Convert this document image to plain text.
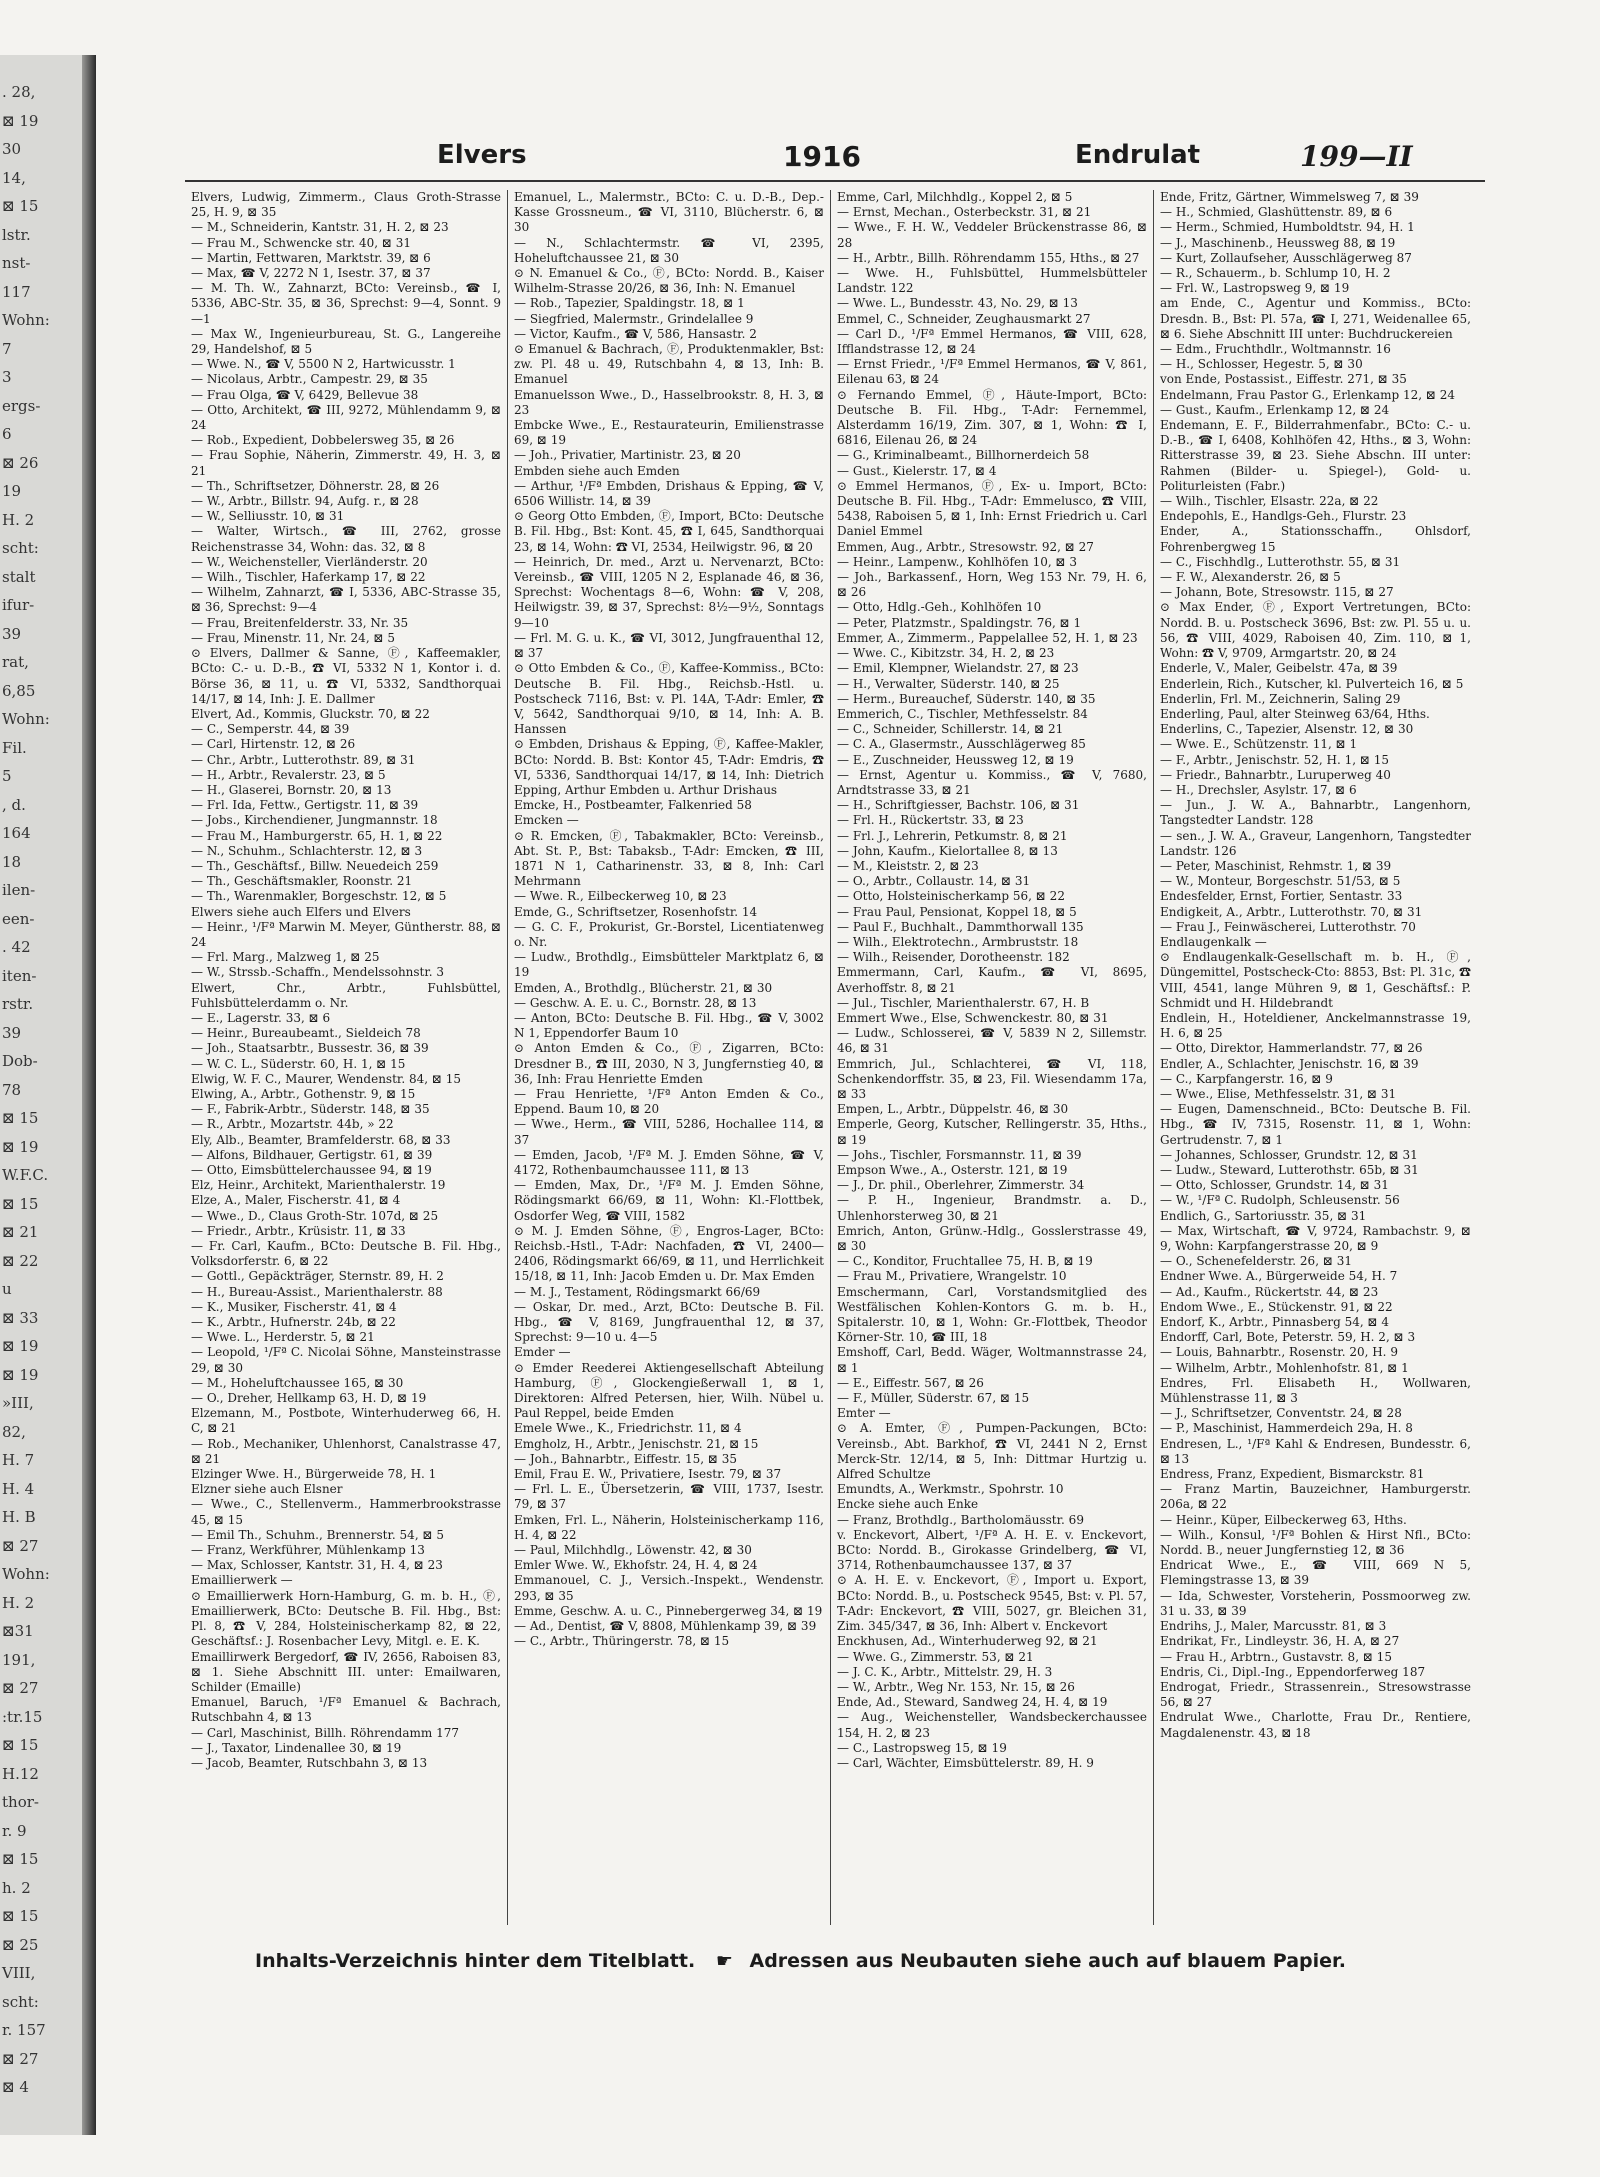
. 28,
⊠ 19
30
14,
⊠ 15
lstr.
nst-
117
Wohn:
7
3
ergs-
6
⊠ 26
19
H. 2
scht:
stalt
ifur-
39
rat,
6,85
Wohn:
Fil.
5
, d.
164
18
ilen-
een-
. 42
iten-
rstr.
39
Dob-
78
⊠ 15
⊠ 19
W.F.C.
⊠ 15
⊠ 21
⊠ 22
u
⊠ 33
⊠ 19
⊠ 19
»III,
82,
H. 7
H. 4
H. B
⊠ 27
Wohn:
H. 2
⊠31
191,
⊠ 27
:tr.15
⊠ 15
H.12
thor-
r. 9
⊠ 15
h. 2
⊠ 15
⊠ 25
VIII,
scht:
r. 157
⊠ 27
⊠ 4
Elvers	1916	Endrulat	199—II

Elvers, Ludwig, Zimmerm., Claus Groth-Strasse 25, H. 9, ⊠ 35

— M., Schneiderin, Kantstr. 31, H. 2, ⊠ 23

— Frau M., Schwencke str. 40, ⊠ 31

— Martin, Fettwaren, Marktstr. 39, ⊠ 6

— Max, ☎ V, 2272 N 1, Isestr. 37, ⊠ 37

— M. Th. W., Zahnarzt, BCto: Vereinsb., ☎ I, 5336, ABC-Str. 35, ⊠ 36, Sprechst: 9—4, Sonnt. 9—1

— Max W., Ingenieurbureau, St. G., Langereihe 29, Handelshof, ⊠ 5

— Wwe. N., ☎ V, 5500 N 2, Hartwicusstr. 1

— Nicolaus, Arbtr., Campestr. 29, ⊠ 35

— Frau Olga, ☎ V, 6429, Bellevue 38

— Otto, Architekt, ☎ III, 9272, Mühlendamm 9, ⊠ 24

— Rob., Expedient, Dobbelersweg 35, ⊠ 26

— Frau Sophie, Näherin, Zimmerstr. 49, H. 3, ⊠ 21

— Th., Schriftsetzer, Döhnerstr. 28, ⊠ 26

— W., Arbtr., Billstr. 94, Aufg. r., ⊠ 28

— W., Selliusstr. 10, ⊠ 31

— Walter, Wirtsch., ☎ III, 2762, grosse Reichenstrasse 34, Wohn: das. 32, ⊠ 8

— W., Weichensteller, Vierländerstr. 20

— Wilh., Tischler, Haferkamp 17, ⊠ 22

— Wilhelm, Zahnarzt, ☎ I, 5336, ABC-Strasse 35, ⊠ 36, Sprechst: 9—4

— Frau, Breitenfelderstr. 33, Nr. 35

— Frau, Minenstr. 11, Nr. 24, ⊠ 5

⊙ Elvers, Dallmer & Sanne, Ⓕ, Kaffeemakler, BCto: C.- u. D.-B., ☎ VI, 5332 N 1, Kontor i. d. Börse 36, ⊠ 11, u. ☎ VI, 5332, Sandthorquai 14/17, ⊠ 14, Inh: J. E. Dallmer

Elvert, Ad., Kommis, Gluckstr. 70, ⊠ 22

— C., Semperstr. 44, ⊠ 39

— Carl, Hirtenstr. 12, ⊠ 26

— Chr., Arbtr., Lutterothstr. 89, ⊠ 31

— H., Arbtr., Revalerstr. 23, ⊠ 5

— H., Glaserei, Bornstr. 20, ⊠ 13

— Frl. Ida, Fettw., Gertigstr. 11, ⊠ 39

— Jobs., Kirchendiener, Jungmannstr. 18

— Frau M., Hamburgerstr. 65, H. 1, ⊠ 22

— N., Schuhm., Schlachterstr. 12, ⊠ 3

— Th., Geschäftsf., Billw. Neuedeich 259

— Th., Geschäftsmakler, Roonstr. 21

— Th., Warenmakler, Borgeschstr. 12, ⊠ 5

Elwers siehe auch Elfers und Elvers

— Heinr., ¹/Fª Marwin M. Meyer, Güntherstr. 88, ⊠ 24

— Frl. Marg., Malzweg 1, ⊠ 25

— W., Strssb.-Schaffn., Mendelssohnstr. 3

Elwert, Chr., Arbtr., Fuhlsbüttel, Fuhlsbüttelerdamm o. Nr.

— E., Lagerstr. 33, ⊠ 6

— Heinr., Bureaubeamt., Sieldeich 78

— Joh., Staatsarbtr., Bussestr. 36, ⊠ 39

— W. C. L., Süderstr. 60, H. 1, ⊠ 15

Elwig, W. F. C., Maurer, Wendenstr. 84, ⊠ 15

Elwing, A., Arbtr., Gothenstr. 9, ⊠ 15

— F., Fabrik-Arbtr., Süderstr. 148, ⊠ 35

— R., Arbtr., Mozartstr. 44b, » 22

Ely, Alb., Beamter, Bramfelderstr. 68, ⊠ 33

— Alfons, Bildhauer, Gertigstr. 61, ⊠ 39

— Otto, Eimsbüttelerchaussee 94, ⊠ 19

Elz, Heinr., Architekt, Marienthalerstr. 19

Elze, A., Maler, Fischerstr. 41, ⊠ 4

— Wwe., D., Claus Groth-Str. 107d, ⊠ 25

— Friedr., Arbtr., Krüsistr. 11, ⊠ 33

— Fr. Carl, Kaufm., BCto: Deutsche B. Fil. Hbg., Volksdorferstr. 6, ⊠ 22

— Gottl., Gepäckträger, Sternstr. 89, H. 2

— H., Bureau-Assist., Marienthalerstr. 88

— K., Musiker, Fischerstr. 41, ⊠ 4

— K., Arbtr., Hufnerstr. 24b, ⊠ 22

— Wwe. L., Herderstr. 5, ⊠ 21

— Leopold, ¹/Fª C. Nicolai Söhne, Mansteinstrasse 29, ⊠ 30

— M., Hoheluftchaussee 165, ⊠ 30

— O., Dreher, Hellkamp 63, H. D, ⊠ 19

Elzemann, M., Postbote, Winterhuderweg 66, H. C, ⊠ 21

— Rob., Mechaniker, Uhlenhorst, Canalstrasse 47, ⊠ 21

Elzinger Wwe. H., Bürgerweide 78, H. 1

Elzner siehe auch Elsner

— Wwe., C., Stellenverm., Hammerbrookstrasse 45, ⊠ 15

— Emil Th., Schuhm., Brennerstr. 54, ⊠ 5

— Franz, Werkführer, Mühlenkamp 13

— Max, Schlosser, Kantstr. 31, H. 4, ⊠ 23

Emaillierwerk —

⊙ Emaillierwerk Horn-Hamburg, G. m. b. H., Ⓕ, Emaillierwerk, BCto: Deutsche B. Fil. Hbg., Bst: Pl. 8, ☎ V, 284, Holsteinischerkamp 82, ⊠ 22, Geschäftsf.: J. Rosenbacher Levy, Mitgl. e. E. K.

Emaillirwerk Bergedorf, ☎ IV, 2656, Raboisen 83, ⊠ 1. Siehe Abschnitt III. unter: Emailwaren, Schilder (Emaille)

Emanuel, Baruch, ¹/Fª Emanuel & Bachrach, Rutschbahn 4, ⊠ 13

— Carl, Maschinist, Billh. Röhrendamm 177

— J., Taxator, Lindenallee 30, ⊠ 19

— Jacob, Beamter, Rutschbahn 3, ⊠ 13

Emanuel, L., Malermstr., BCto: C. u. D.-B., Dep.-Kasse Grossneum., ☎ VI, 3110, Blücherstr. 6, ⊠ 30

— N., Schlachtermstr. ☎ VI, 2395, Hoheluftchaussee 21, ⊠ 30

⊙ N. Emanuel & Co., Ⓕ, BCto: Nordd. B., Kaiser Wilhelm-Strasse 20/26, ⊠ 36, Inh: N. Emanuel

— Rob., Tapezier, Spaldingstr. 18, ⊠ 1

— Siegfried, Malermstr., Grindelallee 9

— Victor, Kaufm., ☎ V, 586, Hansastr. 2

⊙ Emanuel & Bachrach, Ⓕ, Produktenmakler, Bst: zw. Pl. 48 u. 49, Rutschbahn 4, ⊠ 13, Inh: B. Emanuel

Emanuelsson Wwe., D., Hasselbrookstr. 8, H. 3, ⊠ 23

Embcke Wwe., E., Restaurateurin, Emilienstrasse 69, ⊠ 19

— Joh., Privatier, Martinistr. 23, ⊠ 20

Embden siehe auch Emden

— Arthur, ¹/Fª Embden, Drishaus & Epping, ☎ V, 6506 Willistr. 14, ⊠ 39

⊙ Georg Otto Embden, Ⓕ, Import, BCto: Deutsche B. Fil. Hbg., Bst: Kont. 45, ☎ I, 645, Sandthorquai 23, ⊠ 14, Wohn: ☎ VI, 2534, Heilwigstr. 96, ⊠ 20

— Heinrich, Dr. med., Arzt u. Nervenarzt, BCto: Vereinsb., ☎ VIII, 1205 N 2, Esplanade 46, ⊠ 36, Sprechst: Wochentags 8—6, Wohn: ☎ V, 208, Heilwigstr. 39, ⊠ 37, Sprechst: 8½—9½, Sonntags 9—10

— Frl. M. G. u. K., ☎ VI, 3012, Jungfrauenthal 12, ⊠ 37

⊙ Otto Embden & Co., Ⓕ, Kaffee-Kommiss., BCto: Deutsche B. Fil. Hbg., Reichsb.-Hstl. u. Postscheck 7116, Bst: v. Pl. 14A, T-Adr: Emler, ☎ V, 5642, Sandthorquai 9/10, ⊠ 14, Inh: A. B. Hanssen

⊙ Embden, Drishaus & Epping, Ⓕ, Kaffee-Makler, BCto: Nordd. B. Bst: Kontor 45, T-Adr: Emdris, ☎ VI, 5336, Sandthorquai 14/17, ⊠ 14, Inh: Dietrich Epping, Arthur Embden u. Arthur Drishaus

Emcke, H., Postbeamter, Falkenried 58

Emcken —

⊙ R. Emcken, Ⓕ, Tabakmakler, BCto: Vereinsb., Abt. St. P., Bst: Tabaksb., T-Adr: Emcken, ☎ III, 1871 N 1, Catharinenstr. 33, ⊠ 8, Inh: Carl Mehrmann

— Wwe. R., Eilbeckerweg 10, ⊠ 23

Emde, G., Schriftsetzer, Rosenhofstr. 14

— G. C. F., Prokurist, Gr.-Borstel, Licentiatenweg o. Nr.

— Ludw., Brothdlg., Eimsbütteler Marktplatz 6, ⊠ 19

Emden, A., Brothdlg., Blücherstr. 21, ⊠ 30

— Geschw. A. E. u. C., Bornstr. 28, ⊠ 13

— Anton, BCto: Deutsche B. Fil. Hbg., ☎ V, 3002 N 1, Eppendorfer Baum 10

⊙ Anton Emden & Co., Ⓕ, Zigarren, BCto: Dresdner B., ☎ III, 2030, N 3, Jungfernstieg 40, ⊠ 36, Inh: Frau Henriette Emden

— Frau Henriette, ¹/Fª Anton Emden & Co., Eppend. Baum 10, ⊠ 20

— Wwe., Herm., ☎ VIII, 5286, Hochallee 114, ⊠ 37

— Emden, Jacob, ¹/Fª M. J. Emden Söhne, ☎ V, 4172, Rothenbaumchaussee 111, ⊠ 13

— Emden, Max, Dr., ¹/Fª M. J. Emden Söhne, Rödingsmarkt 66/69, ⊠ 11, Wohn: Kl.-Flottbek, Osdorfer Weg, ☎ VIII, 1582

⊙ M. J. Emden Söhne, Ⓕ, Engros-Lager, BCto: Reichsb.-Hstl., T-Adr: Nachfaden, ☎ VI, 2400—2406, Rödingsmarkt 66/69, ⊠ 11, und Herrlichkeit 15/18, ⊠ 11, Inh: Jacob Emden u. Dr. Max Emden

— M. J., Testament, Rödingsmarkt 66/69

— Oskar, Dr. med., Arzt, BCto: Deutsche B. Fil. Hbg., ☎ V, 8169, Jungfrauenthal 12, ⊠ 37, Sprechst: 9—10 u. 4—5

Emder —

⊙ Emder Reederei Aktiengesellschaft Abteilung Hamburg, Ⓕ, Glockengießerwall 1, ⊠ 1, Direktoren: Alfred Petersen, hier, Wilh. Nübel u. Paul Reppel, beide Emden

Emele Wwe., K., Friedrichstr. 11, ⊠ 4

Emgholz, H., Arbtr., Jenischstr. 21, ⊠ 15

— Joh., Bahnarbtr., Eiffestr. 15, ⊠ 35

Emil, Frau E. W., Privatiere, Isestr. 79, ⊠ 37

— Frl. L. E., Übersetzerin, ☎ VIII, 1737, Isestr. 79, ⊠ 37

Emken, Frl. L., Näherin, Holsteinischerkamp 116, H. 4, ⊠ 22

— Paul, Milchhdlg., Löwenstr. 42, ⊠ 30

Emler Wwe. W., Ekhofstr. 24, H. 4, ⊠ 24

Emmanouel, C. J., Versich.-Inspekt., Wendenstr. 293, ⊠ 35

Emme, Geschw. A. u. C., Pinnebergerweg 34, ⊠ 19

— Ad., Dentist, ☎ V, 8808, Mühlenkamp 39, ⊠ 39

— C., Arbtr., Thüringerstr. 78, ⊠ 15

Emme, Carl, Milchhdlg., Koppel 2, ⊠ 5

— Ernst, Mechan., Osterbeckstr. 31, ⊠ 21

— Wwe., F. H. W., Veddeler Brückenstrasse 86, ⊠ 28

— H., Arbtr., Billh. Röhrendamm 155, Hths., ⊠ 27

— Wwe. H., Fuhlsbüttel, Hummelsbütteler Landstr. 122

— Wwe. L., Bundesstr. 43, No. 29, ⊠ 13

Emmel, C., Schneider, Zeughausmarkt 27

— Carl D., ¹/Fª Emmel Hermanos, ☎ VIII, 628, Ifflandstrasse 12, ⊠ 24

— Ernst Friedr., ¹/Fª Emmel Hermanos, ☎ V, 861, Eilenau 63, ⊠ 24

⊙ Fernando Emmel, Ⓕ, Häute-Import, BCto: Deutsche B. Fil. Hbg., T-Adr: Fernemmel, Alsterdamm 16/19, Zim. 307, ⊠ 1, Wohn: ☎ I, 6816, Eilenau 26, ⊠ 24

— G., Kriminalbeamt., Billhornerdeich 58

— Gust., Kielerstr. 17, ⊠ 4

⊙ Emmel Hermanos, Ⓕ, Ex- u. Import, BCto: Deutsche B. Fil. Hbg., T-Adr: Emmelusco, ☎ VIII, 5438, Raboisen 5, ⊠ 1, Inh: Ernst Friedrich u. Carl Daniel Emmel

Emmen, Aug., Arbtr., Stresowstr. 92, ⊠ 27

— Heinr., Lampenw., Kohlhöfen 10, ⊠ 3

— Joh., Barkassenf., Horn, Weg 153 Nr. 79, H. 6, ⊠ 26

— Otto, Hdlg.-Geh., Kohlhöfen 10

— Peter, Platzmstr., Spaldingstr. 76, ⊠ 1

Emmer, A., Zimmerm., Pappelallee 52, H. 1, ⊠ 23

— Wwe. C., Kibitzstr. 34, H. 2, ⊠ 23

— Emil, Klempner, Wielandstr. 27, ⊠ 23

— H., Verwalter, Süderstr. 140, ⊠ 25

— Herm., Bureauchef, Süderstr. 140, ⊠ 35

Emmerich, C., Tischler, Methfesselstr. 84

— C., Schneider, Schillerstr. 14, ⊠ 21

— C. A., Glasermstr., Ausschlägerweg 85

— E., Zuschneider, Heussweg 12, ⊠ 19

— Ernst, Agentur u. Kommiss., ☎ V, 7680, Arndtstrasse 33, ⊠ 21

— H., Schriftgiesser, Bachstr. 106, ⊠ 31

— Frl. H., Rückertstr. 33, ⊠ 23

— Frl. J., Lehrerin, Petkumstr. 8, ⊠ 21

— John, Kaufm., Kielortallee 8, ⊠ 13

— M., Kleiststr. 2, ⊠ 23

— O., Arbtr., Collaustr. 14, ⊠ 31

— Otto, Holsteinischerkamp 56, ⊠ 22

— Frau Paul, Pensionat, Koppel 18, ⊠ 5

— Paul F., Buchhalt., Dammthorwall 135

— Wilh., Elektrotechn., Armbruststr. 18

— Wilh., Reisender, Dorotheenstr. 182

Emmermann, Carl, Kaufm., ☎ VI, 8695, Averhoffstr. 8, ⊠ 21

— Jul., Tischler, Marienthalerstr. 67, H. B

Emmert Wwe., Else, Schwenckestr. 80, ⊠ 31

— Ludw., Schlosserei, ☎ V, 5839 N 2, Sillemstr. 46, ⊠ 31

Emmrich, Jul., Schlachterei, ☎ VI, 118, Schenkendorffstr. 35, ⊠ 23, Fil. Wiesendamm 17a, ⊠ 33

Empen, L., Arbtr., Düppelstr. 46, ⊠ 30

Emperle, Georg, Kutscher, Rellingerstr. 35, Hths., ⊠ 19

— Johs., Tischler, Forsmannstr. 11, ⊠ 39

Empson Wwe., A., Osterstr. 121, ⊠ 19

— J., Dr. phil., Oberlehrer, Zimmerstr. 34

— P. H., Ingenieur, Brandmstr. a. D., Uhlenhorsterweg 30, ⊠ 21

Emrich, Anton, Grünw.-Hdlg., Gosslerstrasse 49, ⊠ 30

— C., Konditor, Fruchtallee 75, H. B, ⊠ 19

— Frau M., Privatiere, Wrangelstr. 10

Emschermann, Carl, Vorstandsmitglied des Westfälischen Kohlen-Kontors G. m. b. H., Spitalerstr. 10, ⊠ 1, Wohn: Gr.-Flottbek, Theodor Körner-Str. 10, ☎ III, 18

Emshoff, Carl, Bedd. Wäger, Woltmannstrasse 24, ⊠ 1

— E., Eiffestr. 567, ⊠ 26

— F., Müller, Süderstr. 67, ⊠ 15

Emter —

⊙ A. Emter, Ⓕ, Pumpen-Packungen, BCto: Vereinsb., Abt. Barkhof, ☎ VI, 2441 N 2, Ernst Merck-Str. 12/14, ⊠ 5, Inh: Dittmar Hurtzig u. Alfred Schultze

Emundts, A., Werkmstr., Spohrstr. 10

Encke siehe auch Enke

— Franz, Brothdlg., Bartholomäusstr. 69

v. Enckevort, Albert, ¹/Fª A. H. E. v. Enckevort, BCto: Nordd. B., Girokasse Grindelberg, ☎ VI, 3714, Rothenbaumchaussee 137, ⊠ 37

⊙ A. H. E. v. Enckevort, Ⓕ, Import u. Export, BCto: Nordd. B., u. Postscheck 9545, Bst: v. Pl. 57, T-Adr: Enckevort, ☎ VIII, 5027, gr. Bleichen 31, Zim. 345/347, ⊠ 36, Inh: Albert v. Enckevort

Enckhusen, Ad., Winterhuderweg 92, ⊠ 21

— Wwe. G., Zimmerstr. 53, ⊠ 21

— J. C. K., Arbtr., Mittelstr. 29, H. 3

— W., Arbtr., Weg Nr. 153, Nr. 15, ⊠ 26

Ende, Ad., Steward, Sandweg 24, H. 4, ⊠ 19

— Aug., Weichensteller, Wandsbeckerchaussee 154, H. 2, ⊠ 23

— C., Lastropsweg 15, ⊠ 19

— Carl, Wächter, Eimsbüttelerstr. 89, H. 9

Ende, Fritz, Gärtner, Wimmelsweg 7, ⊠ 39

— H., Schmied, Glashüttenstr. 89, ⊠ 6

— Herm., Schmied, Humboldtstr. 94, H. 1

— J., Maschinenb., Heussweg 88, ⊠ 19

— Kurt, Zollaufseher, Ausschlägerweg 87

— R., Schauerm., b. Schlump 10, H. 2

— Frl. W., Lastropsweg 9, ⊠ 19

am Ende, C., Agentur und Kommiss., BCto: Dresdn. B., Bst: Pl. 57a, ☎ I, 271, Weidenallee 65, ⊠ 6. Siehe Abschnitt III unter: Buchdruckereien

— Edm., Fruchthdlr., Woltmannstr. 16

— H., Schlosser, Hegestr. 5, ⊠ 30

von Ende, Postassist., Eiffestr. 271, ⊠ 35

Endelmann, Frau Pastor G., Erlenkamp 12, ⊠ 24

— Gust., Kaufm., Erlenkamp 12, ⊠ 24

Endemann, E. F., Bilderrahmenfabr., BCto: C.- u. D.-B., ☎ I, 6408, Kohlhöfen 42, Hths., ⊠ 3, Wohn: Ritterstrasse 39, ⊠ 23. Siehe Abschn. III unter: Rahmen (Bilder- u. Spiegel-), Gold- u. Politurleisten (Fabr.)

— Wilh., Tischler, Elsastr. 22a, ⊠ 22

Endepohls, E., Handlgs-Geh., Flurstr. 23

Ender, A., Stationsschaffn., Ohlsdorf, Fohrenbergweg 15

— C., Fischhdlg., Lutterothstr. 55, ⊠ 31

— F. W., Alexanderstr. 26, ⊠ 5

— Johann, Bote, Stresowstr. 115, ⊠ 27

⊙ Max Ender, Ⓕ, Export Vertretungen, BCto: Nordd. B. u. Postscheck 3696, Bst: zw. Pl. 55 u. u. 56, ☎ VIII, 4029, Raboisen 40, Zim. 110, ⊠ 1, Wohn: ☎ V, 9709, Armgartstr. 20, ⊠ 24

Enderle, V., Maler, Geibelstr. 47a, ⊠ 39

Enderlein, Rich., Kutscher, kl. Pulverteich 16, ⊠ 5

Enderlin, Frl. M., Zeichnerin, Saling 29

Enderling, Paul, alter Steinweg 63/64, Hths.

Enderlins, C., Tapezier, Alsenstr. 12, ⊠ 30

— Wwe. E., Schützenstr. 11, ⊠ 1

— F., Arbtr., Jenischstr. 52, H. 1, ⊠ 15

— Friedr., Bahnarbtr., Luruperweg 40

— H., Drechsler, Asylstr. 17, ⊠ 6

— Jun., J. W. A., Bahnarbtr., Langenhorn, Tangstedter Landstr. 128

— sen., J. W. A., Graveur, Langenhorn, Tangstedter Landstr. 126

— Peter, Maschinist, Rehmstr. 1, ⊠ 39

— W., Monteur, Borgeschstr. 51/53, ⊠ 5

Endesfelder, Ernst, Fortier, Sentastr. 33

Endigkeit, A., Arbtr., Lutterothstr. 70, ⊠ 31

— Frau J., Feinwäscherei, Lutterothstr. 70

Endlaugenkalk —

⊙ Endlaugenkalk-Gesellschaft m. b. H., Ⓕ, Düngemittel, Postscheck-Cto: 8853, Bst: Pl. 31c, ☎ VIII, 4541, lange Mühren 9, ⊠ 1, Geschäftsf.: P. Schmidt und H. Hildebrandt

Endlein, H., Hoteldiener, Anckelmannstrasse 19, H. 6, ⊠ 25

— Otto, Direktor, Hammerlandstr. 77, ⊠ 26

Endler, A., Schlachter, Jenischstr. 16, ⊠ 39

— C., Karpfangerstr. 16, ⊠ 9

— Wwe., Elise, Methfesselstr. 31, ⊠ 31

— Eugen, Damenschneid., BCto: Deutsche B. Fil. Hbg., ☎ IV, 7315, Rosenstr. 11, ⊠ 1, Wohn: Gertrudenstr. 7, ⊠ 1

— Johannes, Schlosser, Grundstr. 12, ⊠ 31

— Ludw., Steward, Lutterothstr. 65b, ⊠ 31

— Otto, Schlosser, Grundstr. 14, ⊠ 31

— W., ¹/Fª C. Rudolph, Schleusenstr. 56

Endlich, G., Sartoriusstr. 35, ⊠ 31

— Max, Wirtschaft, ☎ V, 9724, Rambachstr. 9, ⊠ 9, Wohn: Karpfangerstrasse 20, ⊠ 9

— O., Schenefelderstr. 26, ⊠ 31

Endner Wwe. A., Bürgerweide 54, H. 7

— Ad., Kaufm., Rückertstr. 44, ⊠ 23

Endom Wwe., E., Stückenstr. 91, ⊠ 22

Endorf, K., Arbtr., Pinnasberg 54, ⊠ 4

Endorff, Carl, Bote, Peterstr. 59, H. 2, ⊠ 3

— Louis, Bahnarbtr., Rosenstr. 20, H. 9

— Wilhelm, Arbtr., Mohlenhofstr. 81, ⊠ 1

Endres, Frl. Elisabeth H., Wollwaren, Mühlenstrasse 11, ⊠ 3

— J., Schriftsetzer, Conventstr. 24, ⊠ 28

— P., Maschinist, Hammerdeich 29a, H. 8

Endresen, L., ¹/Fª Kahl & Endresen, Bundesstr. 6, ⊠ 13

Endress, Franz, Expedient, Bismarckstr. 81

— Franz Martin, Bauzeichner, Hamburgerstr. 206a, ⊠ 22

— Heinr., Küper, Eilbeckerweg 63, Hths.

— Wilh., Konsul, ¹/Fª Bohlen & Hirst Nfl., BCto: Nordd. B., neuer Jungfernstieg 12, ⊠ 36

Endricat Wwe., E., ☎ VIII, 669 N 5, Flemingstrasse 13, ⊠ 39

— Ida, Schwester, Vorsteherin, Possmoorweg zw. 31 u. 33, ⊠ 39

Endrihs, J., Maler, Marcusstr. 81, ⊠ 3

Endrikat, Fr., Lindleystr. 36, H. A, ⊠ 27

— Frau H., Arbtrn., Gustavstr. 8, ⊠ 15

Endris, Ci., Dipl.-Ing., Eppendorferweg 187

Endrogat, Friedr., Strassenrein., Stresowstrasse 56, ⊠ 27

Endrulat Wwe., Charlotte, Frau Dr., Rentiere, Magdalenenstr. 43, ⊠ 18

Inhalts-Verzeichnis hinter dem Titelblatt. ☛ Adressen aus Neubauten siehe auch auf blauem Papier.
